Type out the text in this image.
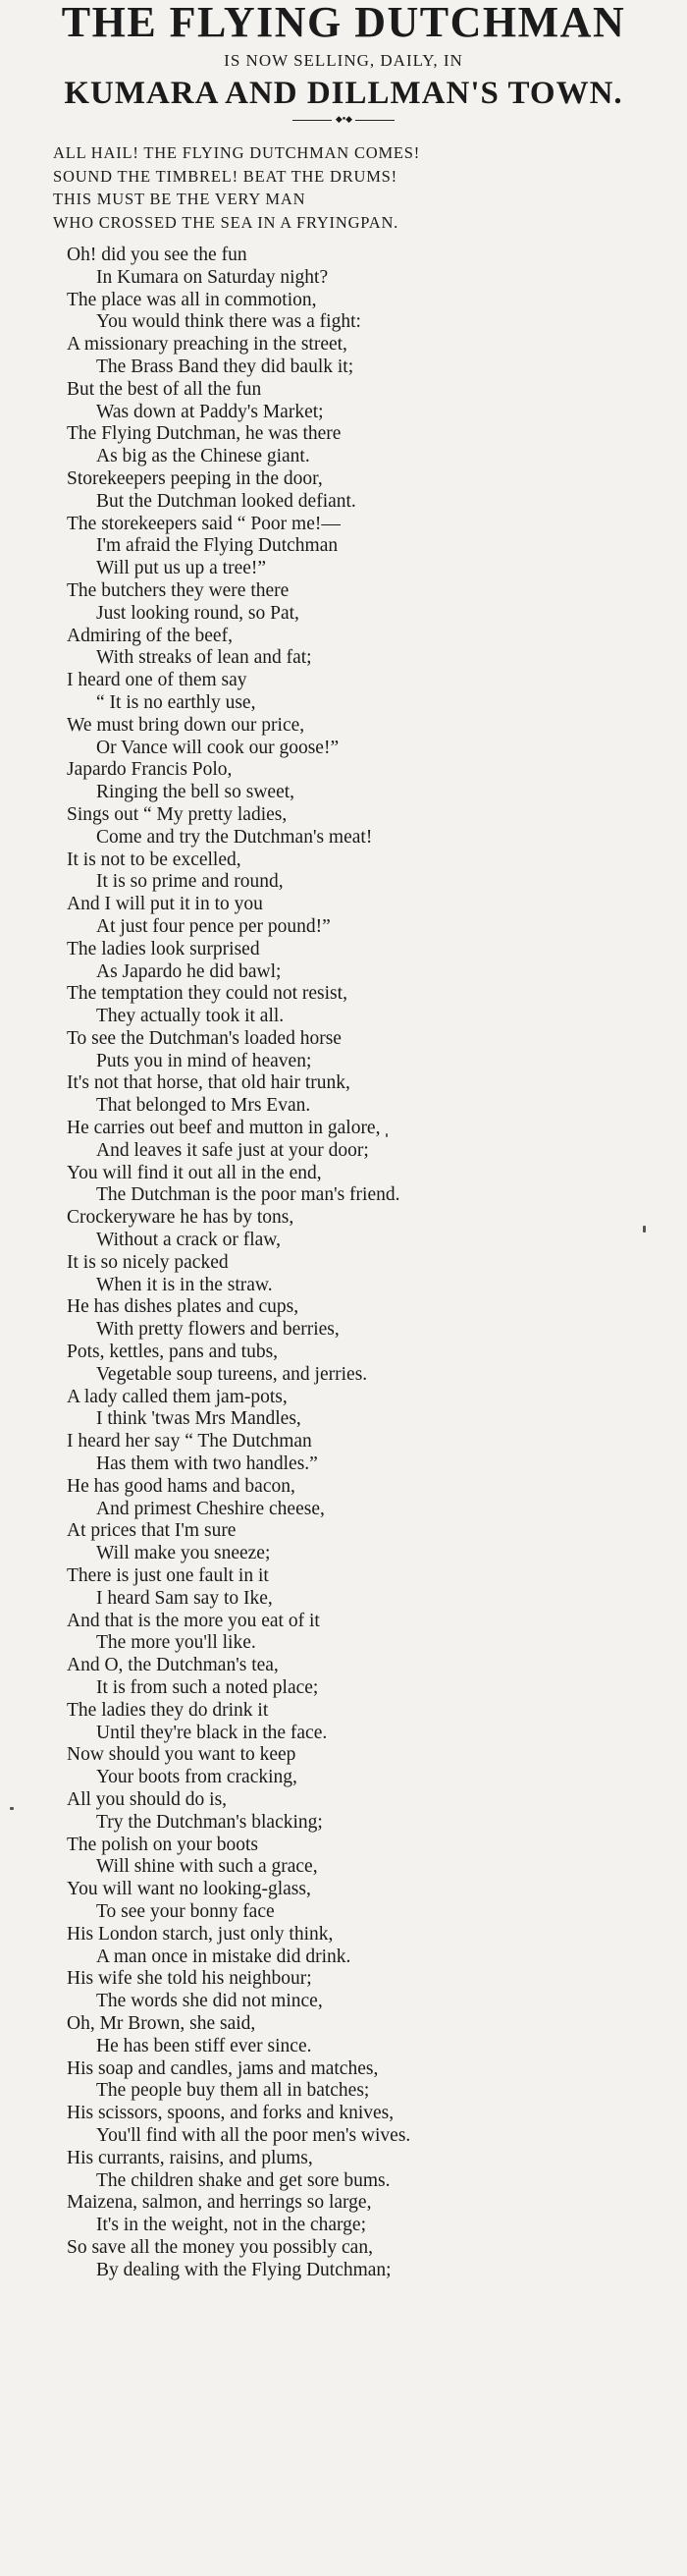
THE FLYING DUTCHMAN
IS NOW SELLING, DAILY, IN
KUMARA AND DILLMAN'S TOWN.
◆•◆
ALL HAIL! THE FLYING DUTCHMAN COMES!
SOUND THE TIMBREL! BEAT THE DRUMS!
THIS MUST BE THE VERY MAN
WHO CROSSED THE SEA IN A FRYINGPAN.
Oh! did you see the fun
In Kumara on Saturday night?
The place was all in commotion,
You would think there was a fight:
A missionary preaching in the street,
The Brass Band they did baulk it;
But the best of all the fun
Was down at Paddy's Market;
The Flying Dutchman, he was there
As big as the Chinese giant.
Storekeepers peeping in the door,
But the Dutchman looked defiant.
The storekeepers said “ Poor me!—
I'm afraid the Flying Dutchman
Will put us up a tree!”
The butchers they were there
Just looking round, so Pat,
Admiring of the beef,
With streaks of lean and fat;
I heard one of them say
“ It is no earthly use,
We must bring down our price,
Or Vance will cook our goose!”
Japardo Francis Polo,
Ringing the bell so sweet,
Sings out “ My pretty ladies,
Come and try the Dutchman's meat!
It is not to be excelled,
It is so prime and round,
And I will put it in to you
At just four pence per pound!”
The ladies look surprised
As Japardo he did bawl;
The temptation they could not resist,
They actually took it all.
To see the Dutchman's loaded horse
Puts you in mind of heaven;
It's not that horse, that old hair trunk,
That belonged to Mrs Evan.
He carries out beef and mutton in galore,
And leaves it safe just at your door;
You will find it out all in the end,
The Dutchman is the poor man's friend.
Crockeryware he has by tons,
Without a crack or flaw,
It is so nicely packed
When it is in the straw.
He has dishes plates and cups,
With pretty flowers and berries,
Pots, kettles, pans and tubs,
Vegetable soup tureens, and jerries.
A lady called them jam-pots,
I think 'twas Mrs Mandles,
I heard her say “ The Dutchman
Has them with two handles.”
He has good hams and bacon,
And primest Cheshire cheese,
At prices that I'm sure
Will make you sneeze;
There is just one fault in it
I heard Sam say to Ike,
And that is the more you eat of it
The more you'll like.
And O, the Dutchman's tea,
It is from such a noted place;
The ladies they do drink it
Until they're black in the face.
Now should you want to keep
Your boots from cracking,
All you should do is,
Try the Dutchman's blacking;
The polish on your boots
Will shine with such a grace,
You will want no looking-glass,
To see your bonny face
His London starch, just only think,
A man once in mistake did drink.
His wife she told his neighbour;
The words she did not mince,
Oh, Mr Brown, she said,
He has been stiff ever since.
His soap and candles, jams and matches,
The people buy them all in batches;
His scissors, spoons, and forks and knives,
You'll find with all the poor men's wives.
His currants, raisins, and plums,
The children shake and get sore bums.
Maizena, salmon, and herrings so large,
It's in the weight, not in the charge;
So save all the money you possibly can,
By dealing with the Flying Dutchman;
